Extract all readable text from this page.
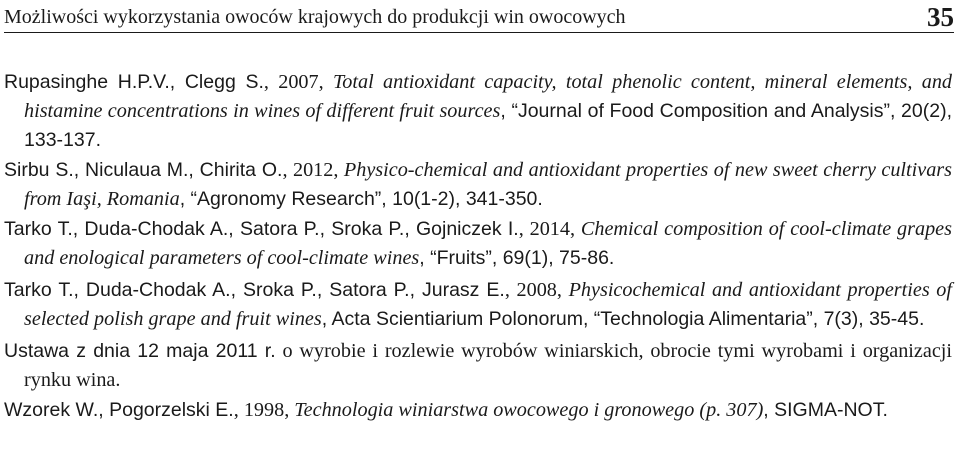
Możliwości wykorzystania owoców krajowych do produkcji win owocowych	35

Rupasinghe H.P.V., Clegg S., 2007, Total antioxidant capacity, total phenolic content, mineral elements, and histamine concentrations in wines of different fruit sources, “Journal of Food Composition and Analysis”, 20(2), 133-137.

Sirbu S., Niculaua M., Chirita O., 2012, Physico-chemical and antioxidant properties of new sweet cherry cultivars from Iaşi, Romania, “Agronomy Research”, 10(1-2), 341-350.

Tarko T., Duda-Chodak A., Satora P., Sroka P., Gojniczek I., 2014, Chemical composition of cool-climate grapes and enological parameters of cool-climate wines, “Fruits”, 69(1), 75-86.

Tarko T., Duda-Chodak A., Sroka P., Satora P., Jurasz E., 2008, Physicochemical and antioxidant properties of selected polish grape and fruit wines, Acta Scientiarium Polonorum, “Technologia Alimentaria”, 7(3), 35-45.

Ustawa z dnia 12 maja 2011 r. o wyrobie i rozlewie wyrobów winiarskich, obrocie tymi wyrobami i organizacji rynku wina.

Wzorek W., Pogorzelski E., 1998, Technologia winiarstwa owocowego i gronowego (p. 307), SIGMA-NOT.
